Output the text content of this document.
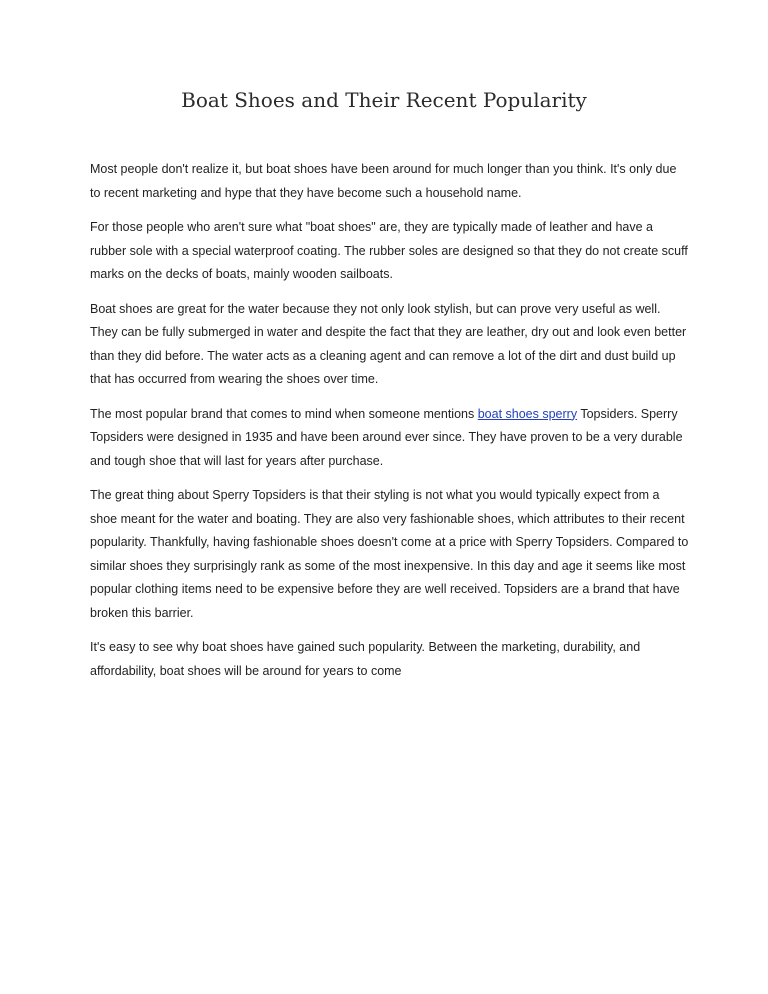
Boat Shoes and Their Recent Popularity

Most people don't realize it, but boat shoes have been around for much longer than you think. It's only due to recent marketing and hype that they have become such a household name.

For those people who aren't sure what "boat shoes" are, they are typically made of leather and have a rubber sole with a special waterproof coating. The rubber soles are designed so that they do not create scuff marks on the decks of boats, mainly wooden sailboats.

Boat shoes are great for the water because they not only look stylish, but can prove very useful as well. They can be fully submerged in water and despite the fact that they are leather, dry out and look even better than they did before. The water acts as a cleaning agent and can remove a lot of the dirt and dust build up that has occurred from wearing the shoes over time.

The most popular brand that comes to mind when someone mentions boat shoes sperry Topsiders. Sperry Topsiders were designed in 1935 and have been around ever since. They have proven to be a very durable and tough shoe that will last for years after purchase.

The great thing about Sperry Topsiders is that their styling is not what you would typically expect from a shoe meant for the water and boating. They are also very fashionable shoes, which attributes to their recent popularity. Thankfully, having fashionable shoes doesn't come at a price with Sperry Topsiders. Compared to similar shoes they surprisingly rank as some of the most inexpensive. In this day and age it seems like most popular clothing items need to be expensive before they are well received. Topsiders are a brand that have broken this barrier.

It's easy to see why boat shoes have gained such popularity. Between the marketing, durability, and affordability, boat shoes will be around for years to come
